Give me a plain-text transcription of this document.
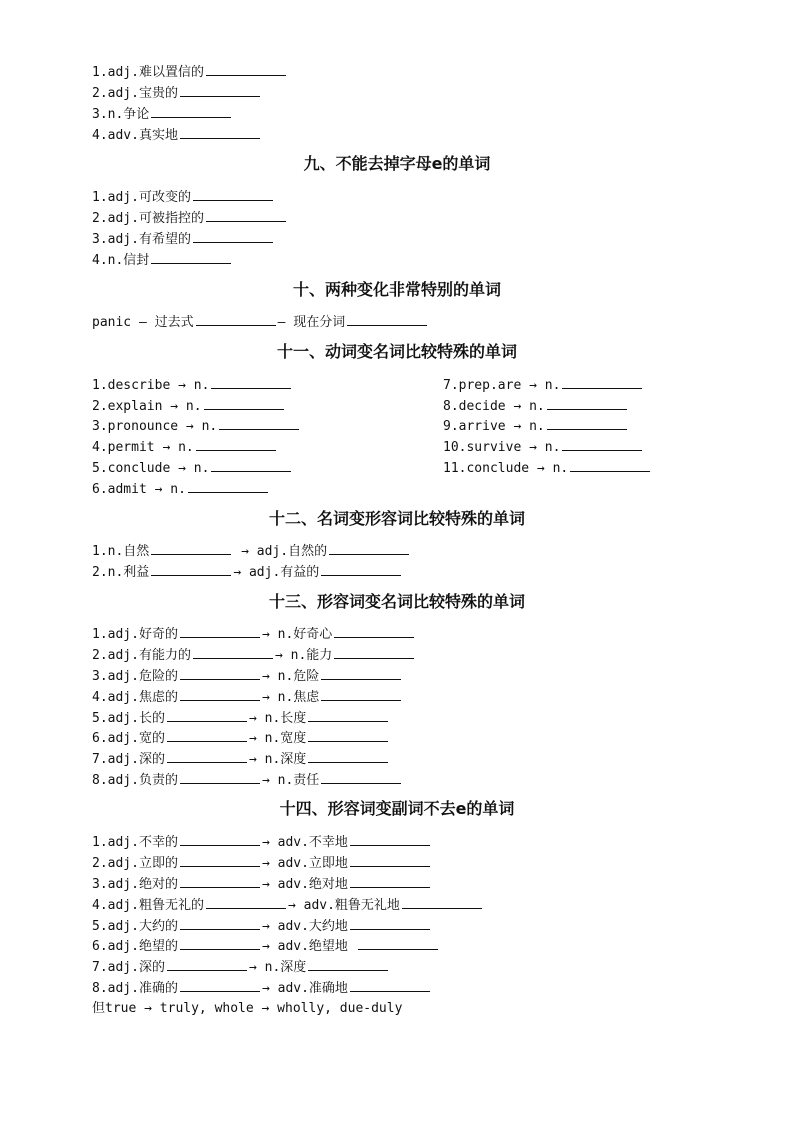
1.adj.难以置信的
2.adj.宝贵的
3.n.争论
4.adv.真实地
九、不能去掉字母e的单词
1.adj.可改变的
2.adj.可被指控的
3.adj.有希望的
4.n.信封
十、两种变化非常特别的单词
panic — 过去式	— 现在分词
十一、动词变名词比较特殊的单词
1.describe → n.
2.explain → n.
3.pronounce → n.
4.permit → n.
5.conclude → n.
6.admit → n.
7.prep.are → n.
8.decide → n.
9.arrive → n.
10.survive → n.
11.conclude → n.
十二、名词变形容词比较特殊的单词
1.n.自然	→ adj.自然的
2.n.利益	→ adj.有益的
十三、形容词变名词比较特殊的单词
1.adj.好奇的	→ n.好奇心
2.adj.有能力的	→ n.能力
3.adj.危险的	→ n.危险
4.adj.焦虑的	→ n.焦虑
5.adj.长的	→ n.长度
6.adj.宽的	→ n.宽度
7.adj.深的	→ n.深度
8.adj.负责的	→ n.责任
十四、形容词变副词不去e的单词
1.adj.不幸的	→ adv.不幸地
2.adj.立即的	→ adv.立即地
3.adj.绝对的	→ adv.绝对地
4.adj.粗鲁无礼的	→ adv.粗鲁无礼地
5.adj.大约的	→ adv.大约地
6.adj.绝望的	→ adv.绝望地
7.adj.深的	→ n.深度
8.adj.准确的	→ adv.准确地
但true → truly, whole → wholly, due-duly
